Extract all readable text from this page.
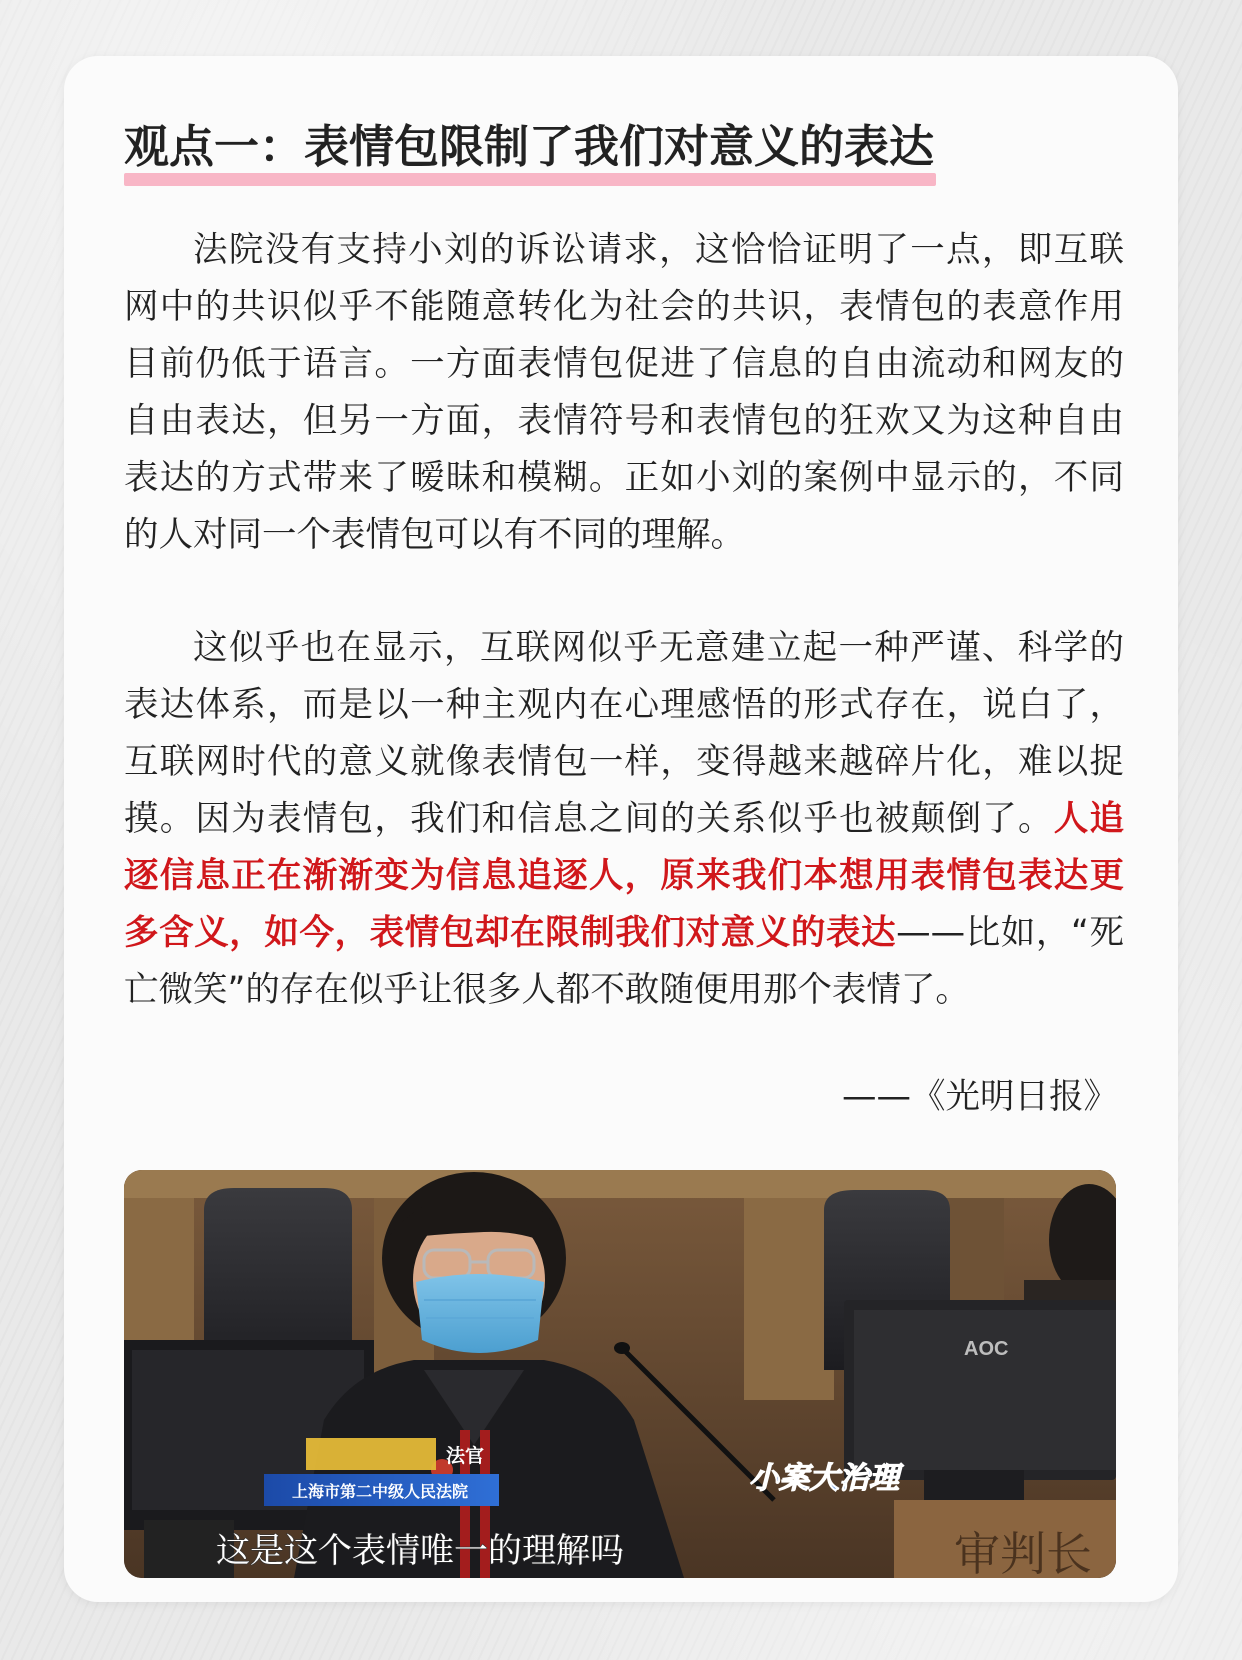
观点一：表情包限制了我们对意义的表达

法院没有支持小刘的诉讼请求，这恰恰证明了一点，即互联网中的共识似乎不能随意转化为社会的共识，表情包的表意作用目前仍低于语言。一方面表情包促进了信息的自由流动和网友的自由表达，但另一方面，表情符号和表情包的狂欢又为这种自由表达的方式带来了暧昧和模糊。正如小刘的案例中显示的，不同的人对同一个表情包可以有不同的理解。

这似乎也在显示，互联网似乎无意建立起一种严谨、科学的表达体系，而是以一种主观内在心理感悟的形式存在，说白了，互联网时代的意义就像表情包一样，变得越来越碎片化，难以捉摸。因为表情包，我们和信息之间的关系似乎也被颠倒了。人追逐信息正在渐渐变为信息追逐人，原来我们本想用表情包表达更多含义，如今，表情包却在限制我们对意义的表达——比如，“死亡微笑”的存在似乎让很多人都不敢随便用那个表情了。

——《光明日报》

AOC
审判长
法官
上海市第二中级人民法院	小案大治理
这是这个表情唯一的理解吗
